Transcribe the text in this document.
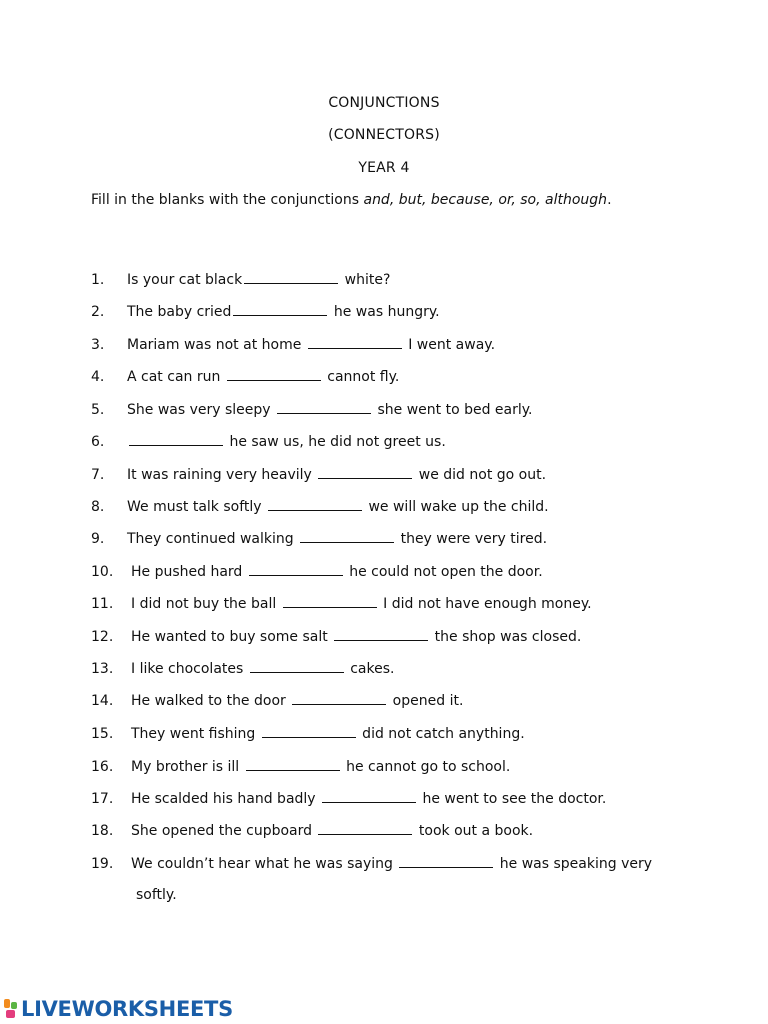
CONJUNCTIONS
(CONNECTORS)
YEAR 4
Fill in the blanks with the conjunctions and, but, because, or, so, although.
1. Is your cat black	white?
2. The baby cried	he was hungry.
3. Mariam was not at home	I went away.
4. A cat can run	cannot fly.
5. She was very sleepy	she went to bed early.
6.	he saw us, he did not greet us.
7. It was raining very heavily	we did not go out.
8. We must talk softly	we will wake up the child.
9. They continued walking	they were very tired.
10. He pushed hard	he could not open the door.
11. I did not buy the ball	I did not have enough money.
12. He wanted to buy some salt	the shop was closed.
13. I like chocolates	cakes.
14. He walked to the door	opened it.
15. They went fishing	did not catch anything.
16. My brother is ill	he cannot go to school.
17. He scalded his hand badly	he went to see the doctor.
18. She opened the cupboard	took out a book.
19. We couldn’t hear what he was saying	he was speaking very
softly.
LIVEWORKSHEETS
